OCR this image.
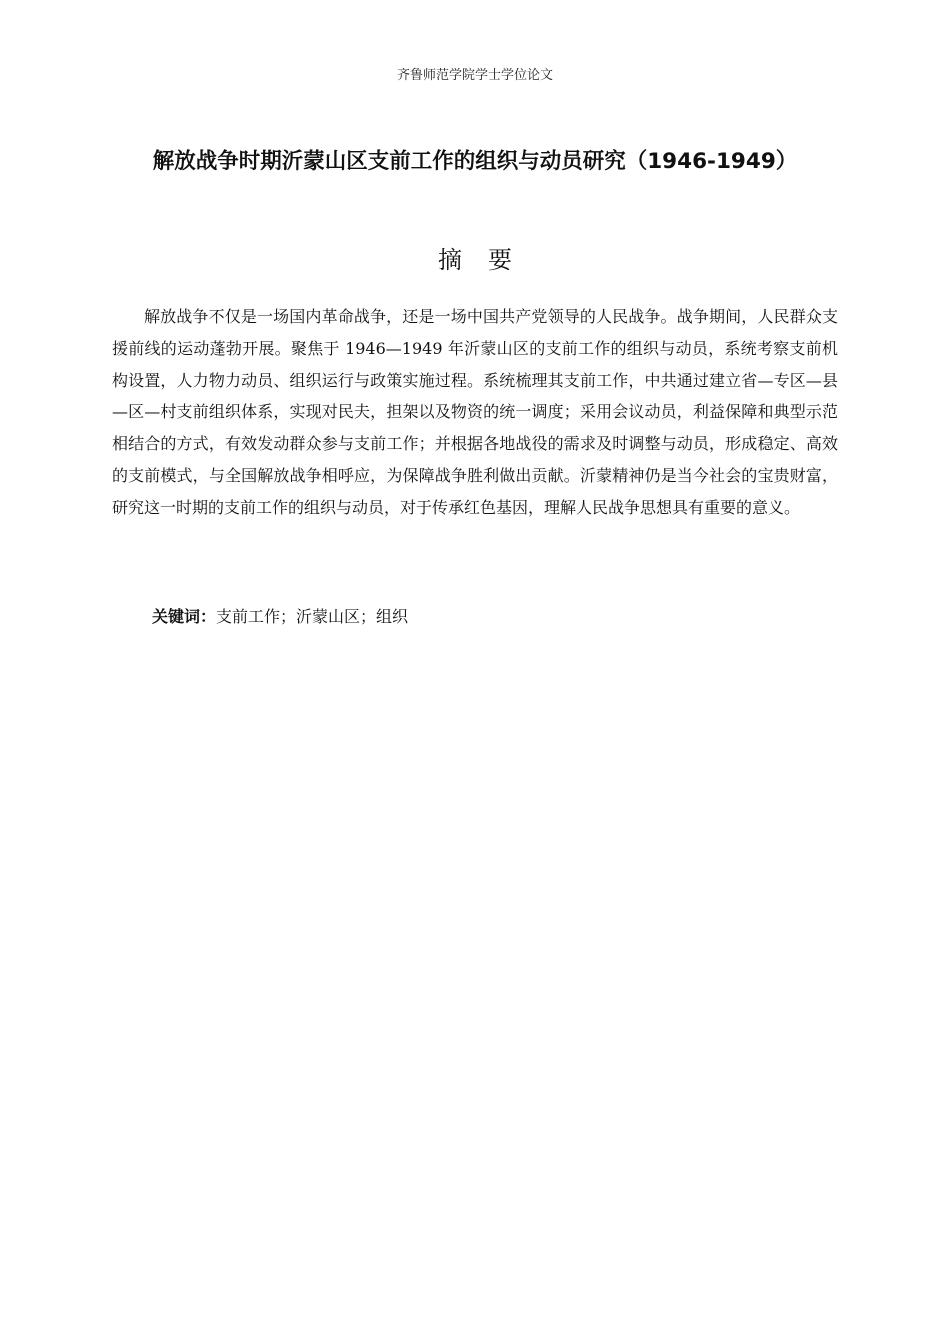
齐鲁师范学院学士学位论文
解放战争时期沂蒙山区支前工作的组织与动员研究（1946-1949）
摘要

解放战争不仅是一场国内革命战争，还是一场中国共产党领导的人民战争。战争期间，人民群众支援前线的运动蓬勃开展。聚焦于 1946—1949 年沂蒙山区的支前工作的组织与动员，系统考察支前机构设置，人力物力动员、组织运行与政策实施过程。系统梳理其支前工作，中共通过建立省—专区—县—区—村支前组织体系，实现对民夫，担架以及物资的统一调度；采用会议动员，利益保障和典型示范相结合的方式，有效发动群众参与支前工作；并根据各地战役的需求及时调整与动员，形成稳定、高效的支前模式，与全国解放战争相呼应，为保障战争胜利做出贡献。沂蒙精神仍是当今社会的宝贵财富，研究这一时期的支前工作的组织与动员，对于传承红色基因，理解人民战争思想具有重要的意义。

关键词：支前工作；沂蒙山区；组织
